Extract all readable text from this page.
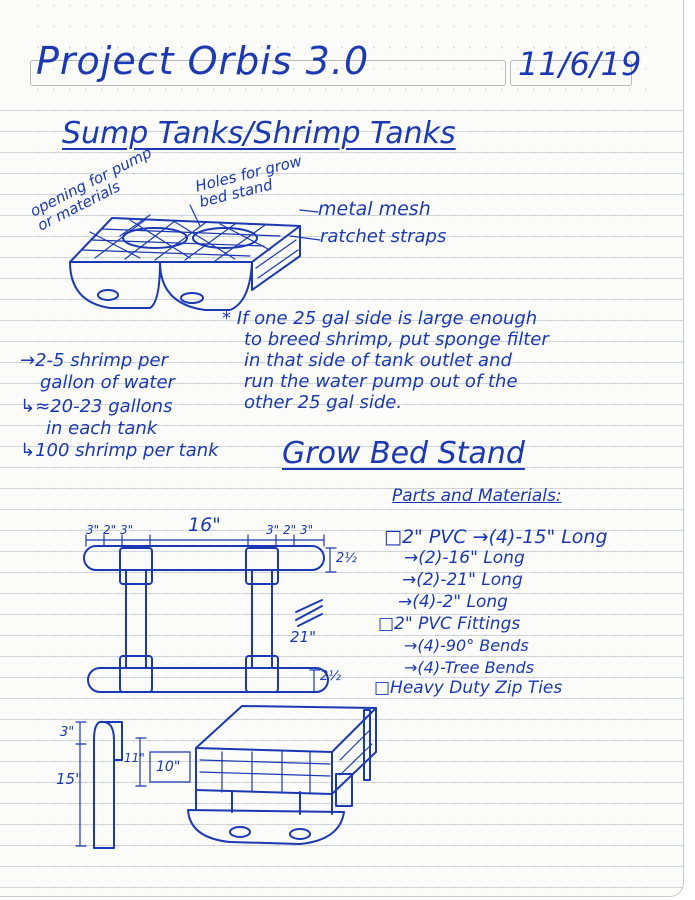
Project Orbis 3.0	11/6/19
Sump Tanks/Shrimp Tanks
opening for pump or materials
Holes for grow bed stand	metal mesh
ratchet straps
* If one 25 gal side is large enough
to breed shrimp, put sponge filter
in that side of tank outlet and
run the water pump out of the
other 25 gal side.
→2-5 shrimp per
gallon of water
↳≈20-23 gallons
in each tank
↳100 shrimp per tank Grow Bed Stand
3" 2" 3"	16"	3" 2" 3"
2½
21"
2½
Parts and Materials:
□2" PVC →(4)-15" Long
→(2)-16" Long
→(2)-21" Long
→(4)-2" Long
□2" PVC Fittings
→(4)-90° Bends
→(4)-Tree Bends
□Heavy Duty Zip Ties
3"
15"
11"
10"
